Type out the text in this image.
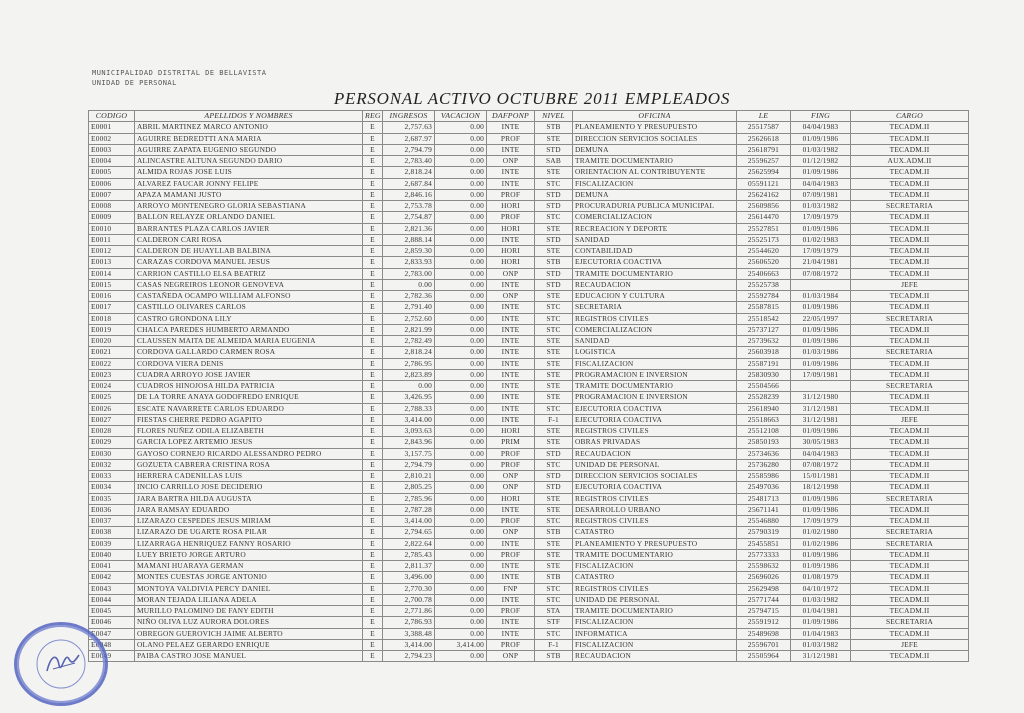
MUNICIPALIDAD DISTRITAL DE BELLAVISTA
UNIDAD DE PERSONAL
PERSONAL ACTIVO OCTUBRE 2011 EMPLEADOS
CODIGO	APELLIDOS Y NOMBRES	REG	INGRESOS	VACACION	DAFPONP	NIVEL	OFICINA	LE	FING	CARGO
E0001	ABRIL MARTINEZ MARCO ANTONIO	E	2,757.63	0.00	INTE	STB	PLANEAMIENTO Y PRESUPUESTO	25517587	04/04/1983	TECADM.II
E0002	AGUIRRE BEDREDTTI ANA MARIA	E	2,687.97	0.00	PROF	STE	DIRECCION SERVICIOS SOCIALES	25626618	01/09/1986	TECADM.II
E0003	AGUIRRE ZAPATA EUGENIO SEGUNDO	E	2,794.79	0.00	INTE	STD	DEMUNA	25618791	01/03/1982	TECADM.II
E0004	ALINCASTRE ALTUNA SEGUNDO DARIO	E	2,783.40	0.00	ONP	SAB	TRAMITE DOCUMENTARIO	25596257	01/12/1982	AUX.ADM.II
E0005	ALMIDA ROJAS JOSE LUIS	E	2,818.24	0.00	INTE	STE	ORIENTACION AL CONTRIBUYENTE	25625994	01/09/1986	TECADM.II
E0006	ALVAREZ FAUCAR JONNY FELIPE	E	2,687.84	0.00	INTE	STC	FISCALIZACION	05591121	04/04/1983	TECADM.II
E0007	APAZA MAMANI JUSTO	E	2,846.16	0.00	PROF	STD	DEMUNA	25624162	07/09/1981	TECADM.II
E0008	ARROYO MONTENEGRO GLORIA SEBASTIANA	E	2,753.78	0.00	HORI	STD	PROCURADURIA PUBLICA MUNICIPAL	25609856	01/03/1982	SECRETARIA
E0009	BALLON RELAYZE ORLANDO DANIEL	E	2,754.87	0.00	PROF	STC	COMERCIALIZACION	25614470	17/09/1979	TECADM.II
E0010	BARRANTES PLAZA CARLOS JAVIER	E	2,821.36	0.00	HORI	STE	RECREACION Y DEPORTE	25527851	01/09/1986	TECADM.II
E0011	CALDERON CARI ROSA	E	2,888.14	0.00	INTE	STD	SANIDAD	25525173	01/02/1983	TECADM.II
E0012	CALDERON DE HUAYLLAB BALBINA	E	2,859.30	0.00	HORI	STE	CONTABILIDAD	25544620	17/09/1979	TECADM.II
E0013	CARAZAS CORDOVA MANUEL JESUS	E	2,833.93	0.00	HORI	STB	EJECUTORIA COACTIVA	25606520	21/04/1981	TECADM.II
E0014	CARRION CASTILLO ELSA BEATRIZ	E	2,783.00	0.00	ONP	STD	TRAMITE DOCUMENTARIO	25406663	07/08/1972	TECADM.II
E0015	CASAS NEGREIROS LEONOR GENOVEVA	E	0.00	0.00	INTE	STD	RECAUDACION	25525738		JEFE
E0016	CASTAÑEDA OCAMPO WILLIAM ALFONSO	E	2,782.36	0.00	ONP	STE	EDUCACION Y CULTURA	25592784	01/03/1984	TECADM.II
E0017	CASTILLO OLIVARES CARLOS	E	2,791.40	0.00	INTE	STC	SECRETARIA	25587815	01/09/1986	TECADM.II
E0018	CASTRO GRONDONA LILY	E	2,752.60	0.00	INTE	STC	REGISTROS CIVILES	25518542	22/05/1997	SECRETARIA
E0019	CHALCA PAREDES HUMBERTO ARMANDO	E	2,821.99	0.00	INTE	STC	COMERCIALIZACION	25737127	01/09/1986	TECADM.II
E0020	CLAUSSEN MAITA DE ALMEIDA MARIA EUGENIA	E	2,782.49	0.00	INTE	STE	SANIDAD	25739632	01/09/1986	TECADM.II
E0021	CORDOVA GALLARDO CARMEN ROSA	E	2,818.24	0.00	INTE	STE	LOGISTICA	25603918	01/03/1986	SECRETARIA
E0022	CORDOVA VIERA DENIS	E	2,786.95	0.00	INTE	STE	FISCALIZACION	25587191	01/09/1986	TECADM.II
E0023	CUADRA ARROYO JOSE JAVIER	E	2,823.89	0.00	INTE	STE	PROGRAMACION E INVERSION	25830930	17/09/1981	TECADM.II
E0024	CUADROS HINOJOSA HILDA PATRICIA	E	0.00	0.00	INTE	STE	TRAMITE DOCUMENTARIO	25504566		SECRETARIA
E0025	DE LA TORRE ANAYA GODOFREDO ENRIQUE	E	3,426.95	0.00	INTE	STE	PROGRAMACION E INVERSION	25528239	31/12/1980	TECADM.II
E0026	ESCATE NAVARRETE CARLOS EDUARDO	E	2,788.33	0.00	INTE	STC	EJECUTORIA COACTIVA	25618940	31/12/1981	TECADM.II
E0027	FIESTAS CHERRE PEDRO AGAPITO	E	3,414.00	0.00	INTE	F-1	EJECUTORIA COACTIVA	25518663	31/12/1981	JEFE
E0028	FLORES NUÑEZ ODILA ELIZABETH	E	3,093.63	0.00	HORI	STE	REGISTROS CIVILES	25512108	01/09/1986	TECADM.II
E0029	GARCIA LOPEZ ARTEMIO JESUS	E	2,843.96	0.00	PRIM	STE	OBRAS PRIVADAS	25850193	30/05/1983	TECADM.II
E0030	GAYOSO CORNEJO RICARDO ALESSANDRO PEDRO	E	3,157.75	0.00	PROF	STD	RECAUDACION	25734636	04/04/1983	TECADM.II
E0032	GOZUETA CABRERA CRISTINA ROSA	E	2,794.79	0.00	PROF	STC	UNIDAD DE PERSONAL	25736280	07/08/1972	TECADM.II
E0033	HERRERA CADENILLAS LUIS	E	2,810.21	0.00	ONP	STD	DIRECCION SERVICIOS SOCIALES	25585986	15/01/1981	TECADM.II
E0034	INCIO CARRILLO JOSE DECIDERIO	E	2,805.25	0.00	ONP	STD	EJECUTORIA COACTIVA	25497036	18/12/1998	TECADM.II
E0035	JARA BARTRA HILDA AUGUSTA	E	2,785.96	0.00	HORI	STE	REGISTROS CIVILES	25481713	01/09/1986	SECRETARIA
E0036	JARA RAMSAY EDUARDO	E	2,787.28	0.00	INTE	STE	DESARROLLO URBANO	25671141	01/09/1986	TECADM.II
E0037	LIZARAZO CESPEDES JESUS MIRIAM	E	3,414.00	0.00	PROF	STC	REGISTROS CIVILES	25546880	17/09/1979	TECADM.II
E0038	LIZARAZO DE UGARTE ROSA PILAR	E	2,794.65	0.00	ONP	STB	CATASTRO	25790319	01/02/1980	SECRETARIA
E0039	LIZARRAGA HENRIQUEZ FANNY ROSARIO	E	2,822.64	0.00	INTE	STE	PLANEAMIENTO Y PRESUPUESTO	25455851	01/02/1986	SECRETARIA
E0040	LUEY BRIETO JORGE ARTURO	E	2,785.43	0.00	PROF	STE	TRAMITE DOCUMENTARIO	25773333	01/09/1986	TECADM.II
E0041	MAMANI HUARAYA GERMAN	E	2,811.37	0.00	INTE	STE	FISCALIZACION	25598632	01/09/1986	TECADM.II
E0042	MONTES CUESTAS JORGE ANTONIO	E	3,496.00	0.00	INTE	STB	CATASTRO	25696026	01/08/1979	TECADM.II
E0043	MONTOYA VALDIVIA PERCY DANIEL	E	2,770.30	0.00	FNP	STC	REGISTROS CIVILES	25629498	04/10/1972	TECADM.II
E0044	MORAN TEJADA LILIANA ADELA	E	2,700.78	0.00	INTE	STC	UNIDAD DE PERSONAL	25771744	01/03/1982	TECADM.II
E0045	MURILLO PALOMINO DE FANY EDITH	E	2,771.86	0.00	PROF	STA	TRAMITE DOCUMENTARIO	25794715	01/04/1981	TECADM.II
E0046	NIÑO OLIVA LUZ AURORA DOLORES	E	2,786.93	0.00	INTE	STF	FISCALIZACION	25591912	01/09/1986	SECRETARIA
E0047	OBREGON GUEROVICH JAIME ALBERTO	E	3,388.48	0.00	INTE	STC	INFORMATICA	25489698	01/04/1983	TECADM.II
E0048	OLANO PELAEZ GERARDO ENRIQUE	E	3,414.00	3,414.00	PROF	F-1	FISCALIZACION	25596701	01/03/1982	JEFE
E0049	PAIBA CASTRO JOSE MANUEL	E	2,794.23	0.00	ONP	STB	RECAUDACION	25505964	31/12/1981	TECADM.II
